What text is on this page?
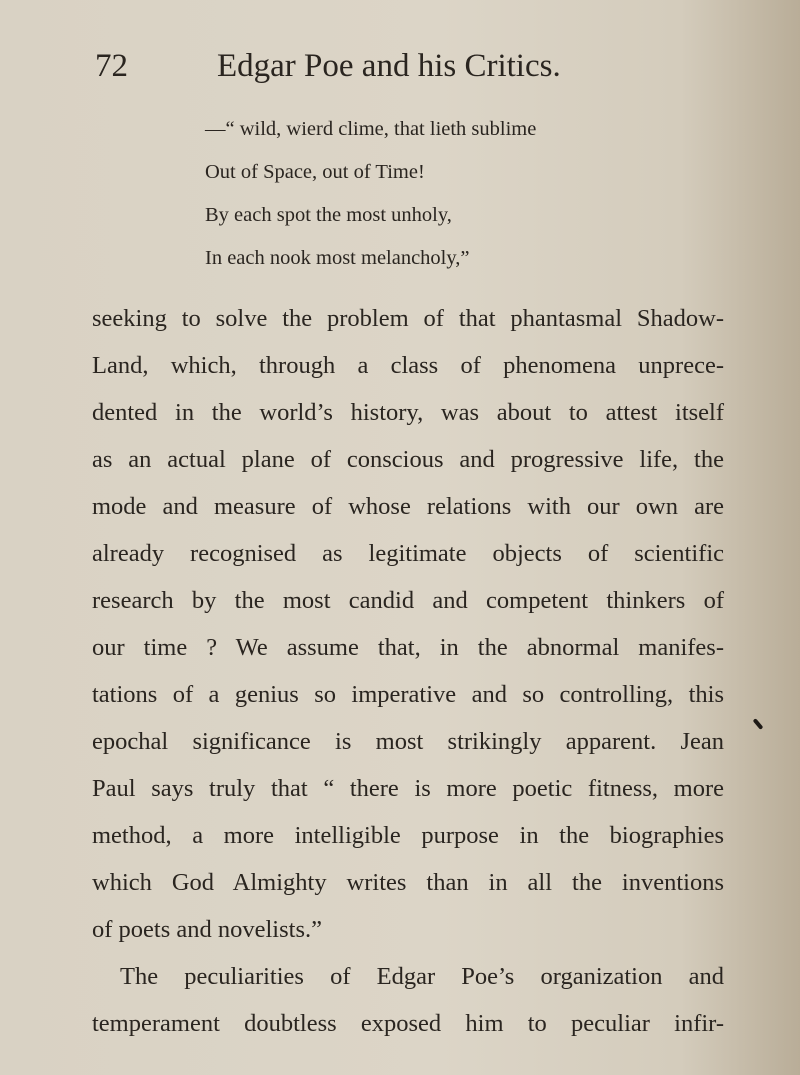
72	Edgar Poe and his Critics.
—“ wild, wierd clime, that lieth sublime
Out of Space, out of Time!
By each spot the most unholy,
In each nook most melancholy,”
seeking to solve the problem of that phantasmal Shadow-
Land, which, through a class of phenomena unprece-
dented in the world’s history, was about to attest itself
as an actual plane of conscious and progressive life, the
mode and measure of whose relations with our own are
already recognised as legitimate objects of scientific
research by the most candid and competent thinkers of
our time ? We assume that, in the abnormal manifes-
tations of a genius so imperative and so controlling, this
epochal significance is most strikingly apparent. Jean
Paul says truly that “ there is more poetic fitness, more
method, a more intelligible purpose in the biographies
which God Almighty writes than in all the inventions
of poets and novelists.”
The peculiarities of Edgar Poe’s organization and
temperament doubtless exposed him to peculiar infir-
